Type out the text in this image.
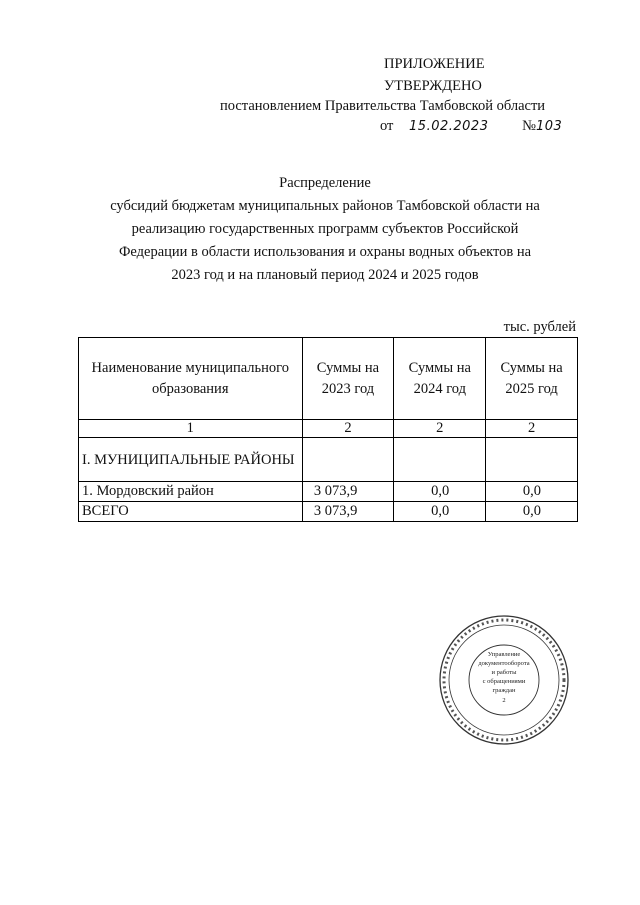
ПРИЛОЖЕНИЕ
УТВЕРЖДЕНО
постановлением Правительства Тамбовской области
от 15.02.2023 №103
Распределение
субсидий бюджетам муниципальных районов Тамбовской области на
реализацию государственных программ субъектов Российской
Федерации в области использования и охраны водных объектов на
2023 год и на плановый период 2024 и 2025 годов
тыс. рублей
Наименование муниципального образования	Суммы на 2023 год	Суммы на 2024 год	Суммы на 2025 год
1	2	2	2
I. МУНИЦИПАЛЬНЫЕ РАЙОНЫ			
1. Мордовский район	3 073,9	0,0	0,0
ВСЕГО	3 073,9	0,0	0,0
Управление
документооборота
и работы
с обращениями
граждан
2
